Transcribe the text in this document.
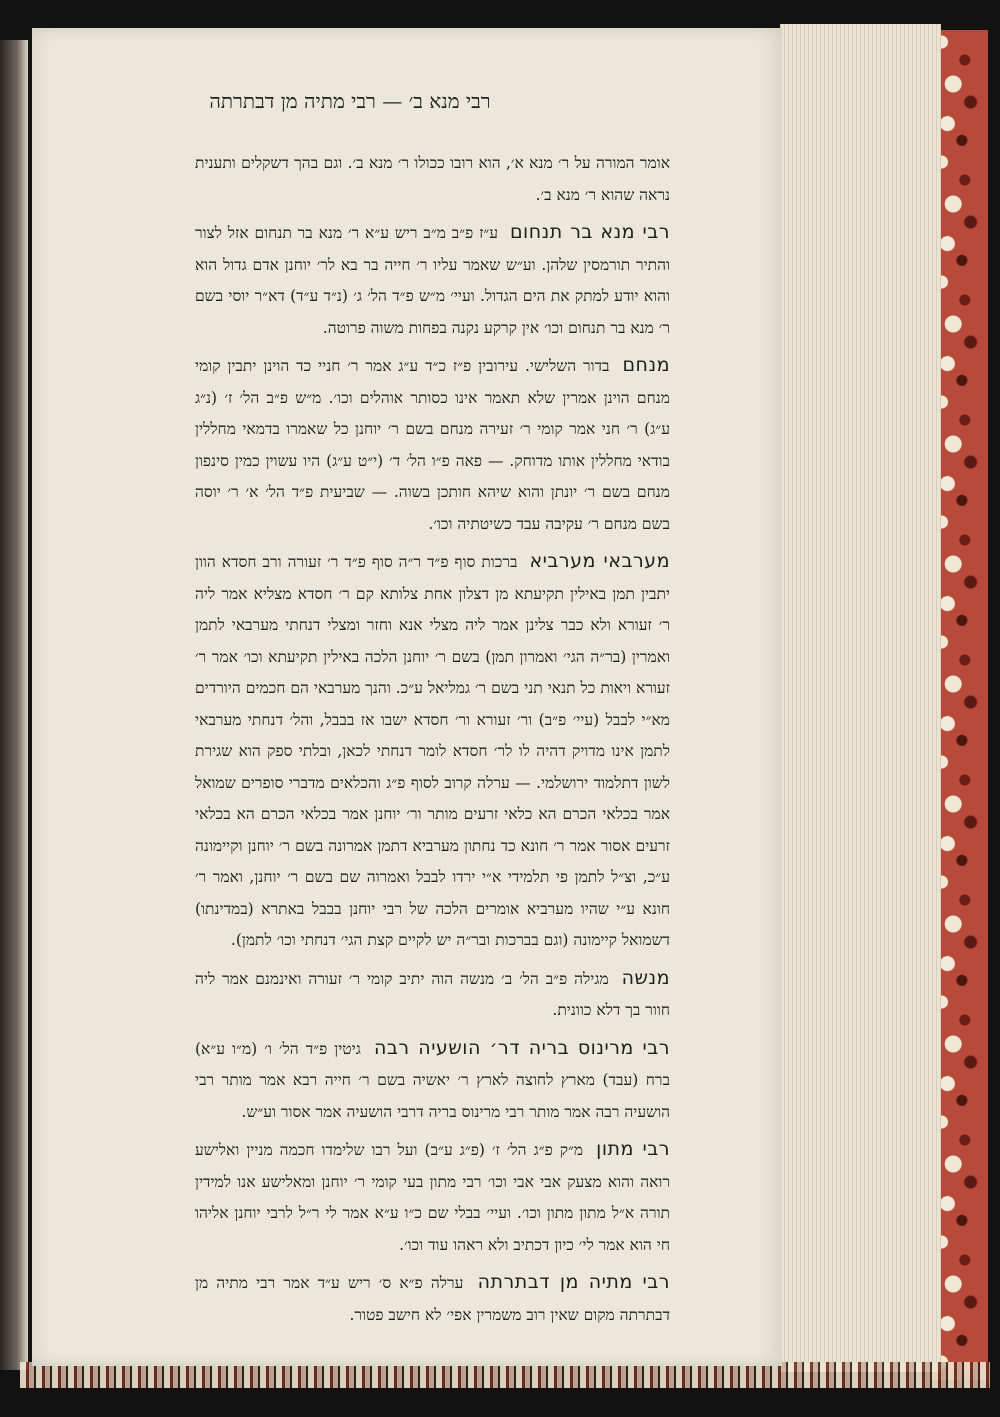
רבי מנא ב׳ — רבי מתיה מן דבתרתה

אומר המורה על ר׳ מנא א׳, הוא רובו ככולו ר׳ מנא ב׳. וגם בהך דשקלים ותענית נראה שהוא ר׳ מנא ב׳.

רבי מנא בר תנחום ע״ז פ״ב מ״ב ריש ע״א ר׳ מנא בר תנחום אזל לצור והתיר תורמסין שלהן. וע״ש שאמר עליו ר׳ חייה בר בא לר׳ יוחנן אדם גדול הוא והוא יודע למתק את הים הגדול. ועיי׳ מ״ש פ״ד הל׳ ג׳ (נ״ד ע״ד) דא״ר יוסי בשם ר׳ מנא בר תנחום וכו׳ אין קרקע נקנה בפחות משוה פרוטה.

מנחם בדור השלישי. עירובין פ״ז כ״ד ע״ג אמר ר׳ חניי כד הוינן יתבין קומי מנחם הוינן אמרין שלא תאמר אינו כסותר אוהלים וכו׳. מ״ש פ״ב הל׳ ז׳ (נ״ג ע״ג) ר׳ חני אמר קומי ר׳ זעירה מנחם בשם ר׳ יוחנן כל שאמרו בדמאי מחללין בודאי מחללין אותו מדוחק. — פאה פ״ו הל׳ ד׳ (י״ט ע״ג) היו עשוין כמין סינפון מנחם בשם ר׳ יונתן והוא שיהא חותכן בשוה. — שביעית פ״ד הל׳ א׳ ר׳ יוסה בשם מנחם ר׳ עקיבה עבד כשיטתיה וכו׳.

מערבאי מערביא ברכות סוף פ״ד ר״ה סוף פ״ד ר׳ זעורה ורב חסדא הוון יתבין תמן באילין תקיעתא מן דצלון אחת צלותא קם ר׳ חסדא מצליא אמר ליה ר׳ זעורא ולא כבר צלינן אמר ליה מצלי אנא וחזר ומצלי דנחתי מערבאי לתמן ואמרין (בר״ה הגי׳ ואמרון תמן) בשם ר׳ יוחנן הלכה באילין תקיעתא וכו׳ אמר ר׳ זעורא ויאות כל תנאי תני בשם ר׳ גמליאל ע״כ. והנך מערבאי הם חכמים היורדים מא״י לבבל (עיי׳ פ״ב) ור׳ זעורא ור׳ חסדא ישבו אז בבבל, והל׳ דנחתי מערבאי לתמן אינו מדויק דהיה לו לר׳ חסדא לומר דנחתי לכאן, ובלתי ספק הוא שגירת לשון דתלמוד ירושלמי. — ערלה קרוב לסוף פ״ג והכלאים מדברי סופרים שמואל אמר בכלאי הכרם הא כלאי זרעים מותר ור׳ יוחנן אמר בכלאי הכרם הא בכלאי זרעים אסור אמר ר׳ חונא כד נחתון מערביא דתמן אמרונה בשם ר׳ יוחנן וקיימונה ע״כ, וצ״ל לתמן פי תלמידי א״י ירדו לבבל ואמרוה שם בשם ר׳ יוחנן, ואמר ר׳ חונא ע״י שהיו מערביא אומרים הלכה של רבי יוחנן בבבל באתרא (במדינתו) דשמואל קיימונה (וגם בברכות ובר״ה יש לקיים קצת הגי׳ דנחתי וכו׳ לתמן).

מנשה מגילה פ״ב הל׳ ב׳ מנשה הוה יתיב קומי ר׳ זעורה ואינמנם אמר ליה חוור בך דלא כוונית.

רבי מרינוס בריה דר׳ הושעיה רבה גיטין פ״ד הל׳ ו׳ (מ״ו ע״א) ברח (עבד) מארץ לחוצה לארץ ר׳ יאשיה בשם ר׳ חייה רבא אמר מותר רבי הושעיה רבה אמר מותר רבי מרינוס בריה דרבי הושעיה אמר אסור וע״ש.

רבי מתון מ״ק פ״ג הל׳ ז׳ (פ״ג ע״ב) ועל רבו שלימדו חכמה מניין ואלישע רואה והוא מצעק אבי אבי וכו׳ רבי מתון בעי קומי ר׳ יוחנן ומאלישע אנו למידין תורה א״ל מתון מתון וכו׳. ועיי׳ בבלי שם כ״ו ע״א אמר לי ר״ל לרבי יוחנן אליהו חי הוא אמר לי׳ כיון דכתיב ולא ראהו עוד וכו׳.

רבי מתיה מן דבתרתה ערלה פ״א ס׳ ריש ע״ד אמר רבי מתיה מן דבתרתה מקום שאין רוב משמרין אפי׳ לא חישב פטור.
